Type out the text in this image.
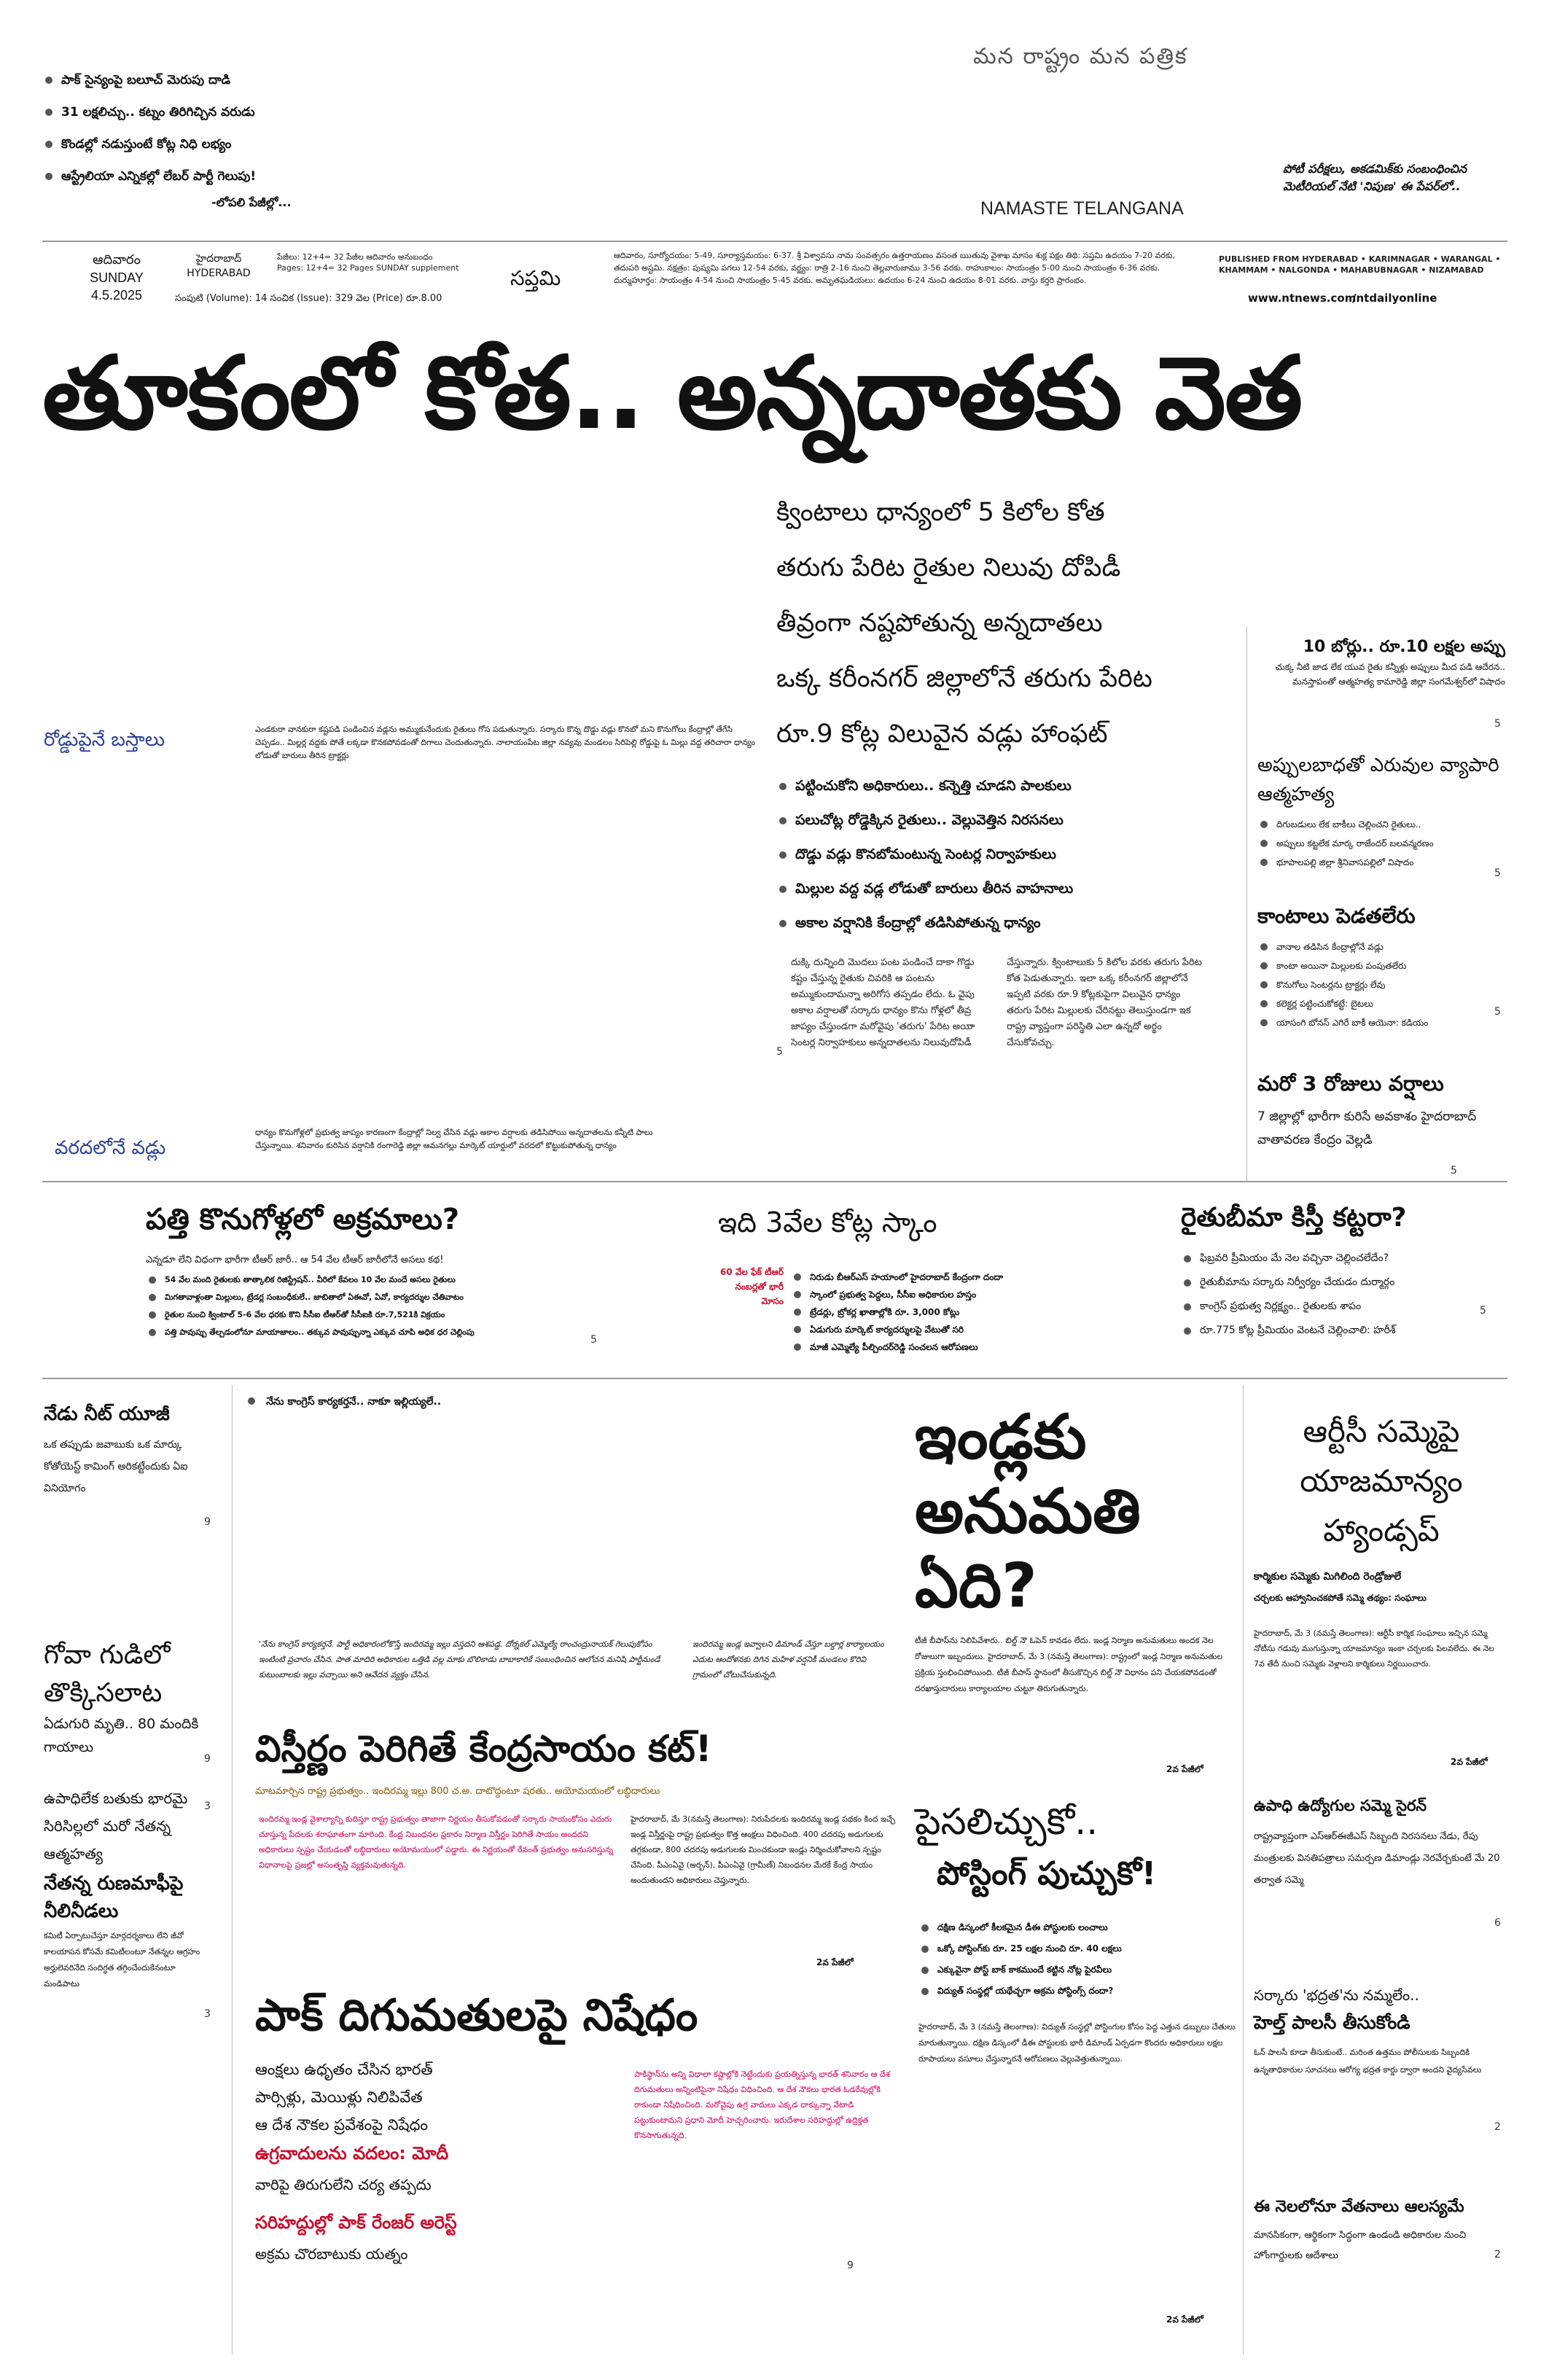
పాక్ సైన్యంపై బలూచ్ మెరుపు దాడి
31 లక్షలిచ్చు.. కట్నం తిరిగిచ్చిన వరుడు
కొండల్లో నడుస్తుంటే కోట్ల నిధి లభ్యం
ఆస్ట్రేలియా ఎన్నికల్లో లేబర్ పార్టీ గెలుపు!
-లోపలి పేజీల్లో...
మన రాష్ట్రం మన పత్రిక
NAMASTE TELANGANA
పోటీ పరీక్షలు, అకడమిక్‌కు సంబంధించిన మెటీరియల్ నేటి 'నిపుణ' ఈ పేపర్‌లో..
ఆదివారం
SUNDAY
4.5.2025
హైదరాబాద్
HYDERABAD
పేజీలు: 12+4= 32 పేజీల ఆదివారం అనుబంధం
Pages: 12+4= 32 Pages SUNDAY supplement
సంపుటి (Volume): 14 సంచిక (Issue): 329 వెల (Price) రూ.8.00
సప్తమి
ఆదివారం, సూర్యోదయం: 5-49, సూర్యాస్తమయం: 6-37. శ్రీ విశ్వావసు నామ సంవత్సరం ఉత్తరాయణం వసంత ఋతువు వైశాఖ మాసం శుక్ల పక్షం తిథి: సప్తమి ఉదయం 7-20 వరకు, తదుపరి అష్టమి. నక్షత్రం: పుష్యమి పగలు 12-54 వరకు, వర్జ్యం: రాత్రి 2-16 నుంచి తెల్లవారుజాము 3-56 వరకు. రాహుకాలం: సాయంత్రం 5-00 నుంచి సాయంత్రం 6-36 వరకు. దుర్ముహూర్తం: సాయంత్రం 4-54 నుంచి సాయంత్రం 5-45 వరకు. అమృతఘడియలు: ఉదయం 6-24 నుంచి ఉదయం 8-01 వరకు. వాస్తు కర్తరి ప్రారంభం.
PUBLISHED FROM HYDERABAD • KARIMNAGAR • WARANGAL • KHAMMAM • NALGONDA • MAHABUBNAGAR • NIZAMABAD
www.ntnews.com
/ntdailyonline
తూకంలో కోత.. అన్నదాతకు వెత
క్వింటాలు ధాన్యంలో 5 కిలోల కోత
తరుగు పేరిట రైతుల నిలువు దోపిడీ
తీవ్రంగా నష్టపోతున్న అన్నదాతలు
ఒక్క కరీంనగర్ జిల్లాలోనే తరుగు పేరిట
రూ.9 కోట్ల విలువైన వడ్లు హాంఫట్
పట్టించుకోని అధికారులు.. కన్నెత్తి చూడని పాలకులు
పలుచోట్ల రోడ్డెక్కిన రైతులు.. వెల్లువెత్తిన నిరసనలు
దొడ్డు వడ్లు కొనబోమంటున్న సెంటర్ల నిర్వాహకులు
మిల్లుల వద్ద వడ్ల లోడుతో బారులు తీరిన వాహనాలు
అకాల వర్షానికి కేంద్రాల్లో తడిసిపోతున్న ధాన్యం
దుక్కి దున్నింది మొదలు పంట పండించే దాకా గొడ్డు కష్టం చేస్తున్న రైతుకు చివరికి ఆ పంటను అమ్ముకుందామన్నా అరిగోస తప్పడం లేదు. ఓ వైపు అకాల వర్షాలతో సర్కారు ధాన్యం కొను గోళ్లలో తీవ్ర జాప్యం చేస్తుండగా మరోవైపు 'తరుగు' పేరిట అయిా సెంటర్ల నిర్వాహకులు అన్నదాతలను నిలువుదోపిడీ చేస్తున్నారు. క్వింటాలుకు 5 కిలోల వరకు తరుగు పేరిట కోత పెడుతున్నారు. ఇలా ఒక్క కరీంనగర్ జిల్లాలోనే ఇప్పటి వరకు రూ.9 కోట్లకుపైగా విలువైన ధాన్యం తరుగు పేరిట మిల్లులకు చేరినట్టు తెలుస్తుండగా ఇక రాష్ట్ర వ్యాప్తంగా పరిస్థితి ఎలా ఉన్నదో అర్థం చేసుకోవచ్చు.
5
రోడ్డుపైనే బస్తాలు	ఎండకురా వానకురా కష్టపడి పండించిన వడ్లను అమ్ముకునేందుకు రైతులు గోస పడుతున్నారు. సర్కారు కొన్న దొడ్డు వడ్లు కొనబో మని కొనుగోలు కేంద్రాల్లో తేగేసి చెప్పడం.. మిల్లర్ల వద్దకు పోతే లక్కడా కొనకపోవడంతో దిగాలు చెందుతున్నారు. నాలాయంపేట జిల్లా నవ్యవు మండలం సిరిపెల్లి రోడ్డుపై ఓ మిల్లు వద్ద తరిచారా ధాన్యం లోడుతో బారులు తీరిన ట్రాక్టర్లు
వరదలోనే వడ్లు
ధాన్యం కొనుగోళ్లలో ప్రభుత్వ జాప్యం కారణంగా కేంద్రాల్లో నిల్వ చేసిన వడ్లు అకాల వర్షాలకు తడిసిపోయి అన్నదాతలను కన్నీటి పాలు చేస్తున్నాయి. శనివారం కురిసిన వర్షానికి రంగారెడ్డి జిల్లా ఆమనగల్లు మార్కెట్ యార్డులో వరదలో కొట్టుకుపోతున్న ధాన్యం
10 బోర్లు.. రూ.10 లక్షల అప్పు
చుక్క నీటి జాడ లేక యువ రైతు కన్నీళ్లు అప్పులు మీద పడి ఆదేరన.. మనస్తాపంతో ఆత్మహత్య కామారెడ్డి జిల్లా సంగమేశ్వర్‌లో విషాదం
5
అప్పులబాధతో ఎరువుల వ్యాపారి ఆత్మహత్య
దిగుబడులు లేక బాకీలు చెల్లించని రైతులు..
అప్పులు కట్టలేక మార్క రాజేందర్ బలవన్మరణం
భూపాలపల్లి జిల్లా శ్రీనివాసపల్లిలో విషాదం
5
కాంటాలు పెడతలేరు
వానాల తడిసిన కేంద్రాల్లోనే వడ్లు
కాంటా అయినా మిల్లులకు పంపుతలేరు
కొనుగోలు సెంటర్లను ట్రాక్టర్లు లేవు
కలెక్టర్ల పట్టించుకోకట్టే: బైటలు
యాసంగి బోనస్ ఎగిరే బాకీ ఆయెనా: కడియం
5
మరో 3 రోజులు వర్షాలు
7 జిల్లాల్లో భారీగా కురిసే అవకాశం హైదరాబాద్ వాతావరణ కేంద్రం వెల్లడి
5
పత్తి కొనుగోళ్లలో అక్రమాలు?
ఎన్నడూ లేని విధంగా భారీగా టీఆర్ జారీ.. ఆ 54 వేల టీఆర్ జారీలోనే అసలు కథ!
54 వేల మంది రైతులకు తాత్కాలిక రిజిస్ట్రేషన్.. వీరిలో కేవలం 10 వేల మందే అసలు రైతులు
మిగతావాళ్లంతా మిల్లులు, ట్రేడర్ల సంబంధీకులే.. జాబితాలో ఏఈవో, ఏవో, కార్యదర్శుల చేతివాటం
రైతుల నుంచి క్వింటాల్ 5-6 వేల ధరకు కొని సీసీఐ టీఆర్‌తో సీసీఐకి రూ.7,521కి విక్రయం
పత్తి పావుప్పు తేల్చడంలోనూ మాయాజాలం.. తక్కువ పావుప్పున్నా ఎక్కువ చూపి అధిక ధర చెల్లింపు
5
ఇది 3వేల కోట్ల స్కాం
60 వేల ఫేక్ టీఆర్ నంబర్లతో భారీ మోసం
నిరుడు బీఆర్‌ఎస్‌ హయాంలో హైదరాబాద్ కేంద్రంగా దందా
స్కాంలో ప్రభుత్వ పెద్దలు, సీసీఐ అధికారుల హస్తం
ట్రేడర్లు, బ్రోకర్ల ఖాతాల్లోకి రూ. 3,000 కోట్లు
ఏడుగురు మార్కెట్ కార్యదర్శులపై వేటుతో సరి
మాజీ ఎమ్మెల్యే పీల్చిందర్‌రెడ్డి సంచలన ఆరోపణలు
రైతుబీమా కిస్తీ కట్టరా?
ఫిబ్రవరి ప్రీమియం మే నెల వచ్చినా చెల్లించలేదేం?
రైతుబీమాను సర్కారు నిర్వీర్యం చేయడం దుర్మార్గం
కాంగ్రెస్ ప్రభుత్వ నిర్లక్ష్యం.. రైతులకు శాపం
రూ.775 కోట్ల ప్రీమియం వెంటనే చెల్లించాలి: హరీశ్
5
నేడు నీట్ యూజీ
ఒక తప్పుడు జవాబుకు ఒక మార్కు కోతోయెస్ట్ కామింగ్ అరికట్టేందుకు ఏఐ వినియోగం
9
గోవా గుడిలో తొక్కిసలాట
ఏడుగురి మృతి.. 80 మందికి గాయాలు
9
ఉపాధిలేక బతుకు భారమై సిరిసిల్లలో మరో నేతన్న ఆత్మహత్య
3
నేతన్న రుణమాఫీపై నీలినీడలు
కమిటీ ఏర్పాటుచేస్తూ మార్గదర్శకాలు లేని జీవో కాలయాపన కోసమే కమిటీలంటూ నేతన్నల ఆగ్రహం అర్హులెవరినేది సందిగ్ధత తగ్గించేందుకేనంటూ మండిపాటు
3
నేను కాంగ్రెస్ కార్యకర్తనే.. నాకూ ఇల్లియ్యలే..
'నేను కాంగ్రెస్ కార్యకర్తనే. పార్టీ అధికారంలోకొస్తే ఇందిరమ్మ ఇల్లు వస్తదని ఆశపడ్డ. దోర్నకల్ ఎమ్మెల్యే రాంచంద్రునాయక్ గెలుపుకోసం ఇంటింటి ప్రచారం చేసిన. పాత మాదిరి అధికారుల ఒత్తిడి వల్ల మాకు బొలికాడు బాబాకారికే సంబంధించిన ఆలోచన మనిషి పార్టీనుండే కుటుంబాలకు ఇల్లు వచ్చాయి అని ఆవేదన వ్యక్తం చేసిన.
ఇందిరమ్మ ఇండ్ల ఇవ్వాలని డిమాండ్ చేస్తూ బల్దార్ల కార్యాలయం ఎదుట ఆందోళనకు దిగిన మహిళ వర్షనికీ మండలం కొరివి గ్రామంలో చోటుచేసుకున్నది.
విస్తీర్ణం పెరిగితే కేంద్రసాయం కట్!
మాటమార్చిన రాష్ట్ర ప్రభుత్వం.. ఇందిరమ్మ ఇల్లు 800 చ.అ. దాటొద్దంటూ షరతు.. అయోమయంలో లబ్ధిదారులు
ఇందిరమ్మ ఇండ్ల వైశాల్యాన్ని కుదిస్తూ రాష్ట్ర ప్రభుత్వం తాజాగా నిర్ణయం తీసుకోవడంతో సర్కారు సాయంకోసం ఎదురు చూస్తున్న పేదలకు శరాఘాతంగా మారింది. కేంద్ర నిబంధనల ప్రకారం నిర్మాణ విస్తీర్ణం పెరిగితే సాయం అందదని అధికారులు స్పష్టం చేయడంతో లబ్ధిదారులు అయోమయంలో పడ్డారు. ఈ నిర్ణయంతో రేవంత్ ప్రభుత్వం అనుసరిస్తున్న విధానాలపై ప్రజల్లో అసంతృప్తి వ్యక్తమవుతున్నది.
హైదరాబాద్, మే 3(నమస్తే తెలంగాణ): నిరుపేదలకు ఇందిరమ్మ ఇండ్ల పథకం కింద ఇచ్చే ఇండ్ల విస్తీర్ణంపై రాష్ట్ర ప్రభుత్వం కొత్త ఆంక్షలు విధించింది. 400 చదరపు అడుగులకు తగ్గకుండా, 800 చదరపు అడుగులకు మించకుండా ఇండ్లు నిర్మించుకోవాలని స్పష్టం చేసింది. పీఎంఏవై (అర్బన్), పీఎంఏవై (గ్రామీణ్) నిబంధనల మేరకే కేంద్ర సాయం అందుతుందని అధికారులు చెప్తున్నారు.
2వ పేజీలో
పాక్ దిగుమతులపై నిషేధం
ఆంక్షలు ఉధృతం చేసిన భారత్
పార్సిళ్లు, మెయిళ్లు నిలిపివేత
ఆ దేశ నౌకల ప్రవేశంపై నిషేధం
ఉగ్రవాదులను వదలం: మోదీ
వారిపై తిరుగులేని చర్య తప్పదు
సరిహద్దుల్లో పాక్ రేంజర్ అరెస్ట్
అక్రమ చొరబాటుకు యత్నం
పాకిస్థాన్‌ను అన్ని విధాలా కష్టాల్లోకి నెట్టేందుకు ప్రయత్నిస్తున్న భారత్ శనివారం ఆ దేశ దిగుమతులు అన్నింటిపైనా నిషేధం విధించింది. ఆ దేశ నౌకలు భారత ఓడరేవుల్లోకి రాకుండా నిషేధించింది. మరోవైపు ఉగ్ర వాదులు ఎక్కడ దాక్కున్నా వేటాడి పట్టుకుంటామని ప్రధాని మోదీ హెచ్చరించారు. ఇరుదేశాల సరిహద్దుల్లో ఉద్రిక్తత కొనసాగుతున్నది.
9
ఇండ్లకు అనుమతి ఏది?
టీజీ బీపాస్‌ను నిలిపివేశారు.. బిల్డ్ నౌ ఓపెన్ కావడం లేదు. ఇండ్ల నిర్మాణ అనుమతులు అందక నెల రోజులుగా ఇబ్బందులు. హైదరాబాద్, మే 3 (నమస్తే తెలంగాణ): రాష్ట్రంలో ఇండ్ల నిర్మాణ అనుమతుల ప్రక్రియ స్తంభించిపోయింది. టీజీ బీపాస్ స్థానంలో తీసుకొచ్చిన బిల్డ్ నౌ విధానం పని చేయకపోవడంతో దరఖాస్తుదారులు కార్యాలయాల చుట్టూ తిరుగుతున్నారు.
2వ పేజీలో
పైసలిచ్చుకో..
పోస్టింగ్ పుచ్చుకో!
దక్షిణ డిస్కంలో కీలకమైన డీఈ పోస్టులకు లంచాలు
ఒక్కో పోస్టింగ్‌కు రూ. 25 లక్షల నుంచి రూ. 40 లక్షలు
ఎక్కువైనా పోస్ట్ బాక్ కాకముందే కట్టిన నోట్ల పైరవీలు
విద్యుత్ సంస్థల్లో యథేచ్ఛగా అక్రమ పోస్టింగ్స్ దందా?
హైదరాబాద్, మే 3 (నమస్తే తెలంగాణ): విద్యుత్ సంస్థల్లో పోస్టింగుల కోసం పెద్ద ఎత్తున డబ్బులు చేతులు మారుతున్నాయి. దక్షిణ డిస్కంలో డీఈ పోస్టులకు భారీ డిమాండ్ ఏర్పడగా కొందరు అధికారులు లక్షల రూపాయలు వసూలు చేస్తున్నారనే ఆరోపణలు వెల్లువెత్తుతున్నాయి.
2వ పేజీలో
ఆర్టీసీ సమ్మెపై యాజమాన్యం హ్యాండ్సప్
కార్మికుల సమ్మెకు మిగిలింది రెండ్రోజులే
చర్చలకు ఆహ్వానించకపోతే సమ్మె తథ్యం: సంఘాలు
హైదరాబాద్, మే 3 (నమస్తే తెలంగాణ): ఆర్టీసీ కార్మిక సంఘాలు ఇచ్చిన సమ్మె నోటీసు గడువు ముగుస్తున్నా యాజమాన్యం ఇంకా చర్చలకు పిలవలేదు. ఈ నెల 7వ తేదీ నుంచి సమ్మెకు వెళ్లాలని కార్మికులు నిర్ణయించారు.
2వ పేజీలో
ఉపాధి ఉద్యోగుల సమ్మె సైరన్
రాష్ట్రవ్యాప్తంగా ఎస్‌ఆర్‌ఈజీఎస్ సిబ్బంది నిరసనలు నేడు, రేపు మంత్రులకు వినతిపత్రాలు సమర్పణ డిమాండ్లు నెరవేర్చకుంటే మే 20 తర్వాత సమ్మె
6
సర్కారు 'భద్రత'ను నమ్మలేం..
హెల్త్ పాలసీ తీసుకోండి
ఓన్ పాలసీ కూడా తీసుకుంటే.. మరింత ఉత్తమం పోలీసులకు సిబ్బందికి ఉన్నతాధికారుల సూచనలు ఆరోగ్య భద్రత కార్డు ద్వారా అందని వైద్యసేవలు
2
ఈ నెలలోనూ వేతనాలు ఆలస్యమే
మానసికంగా, ఆర్థికంగా సిద్ధంగా ఉండండి అధికారుల నుంచి హోంగార్డులకు ఆదేశాలు	2
